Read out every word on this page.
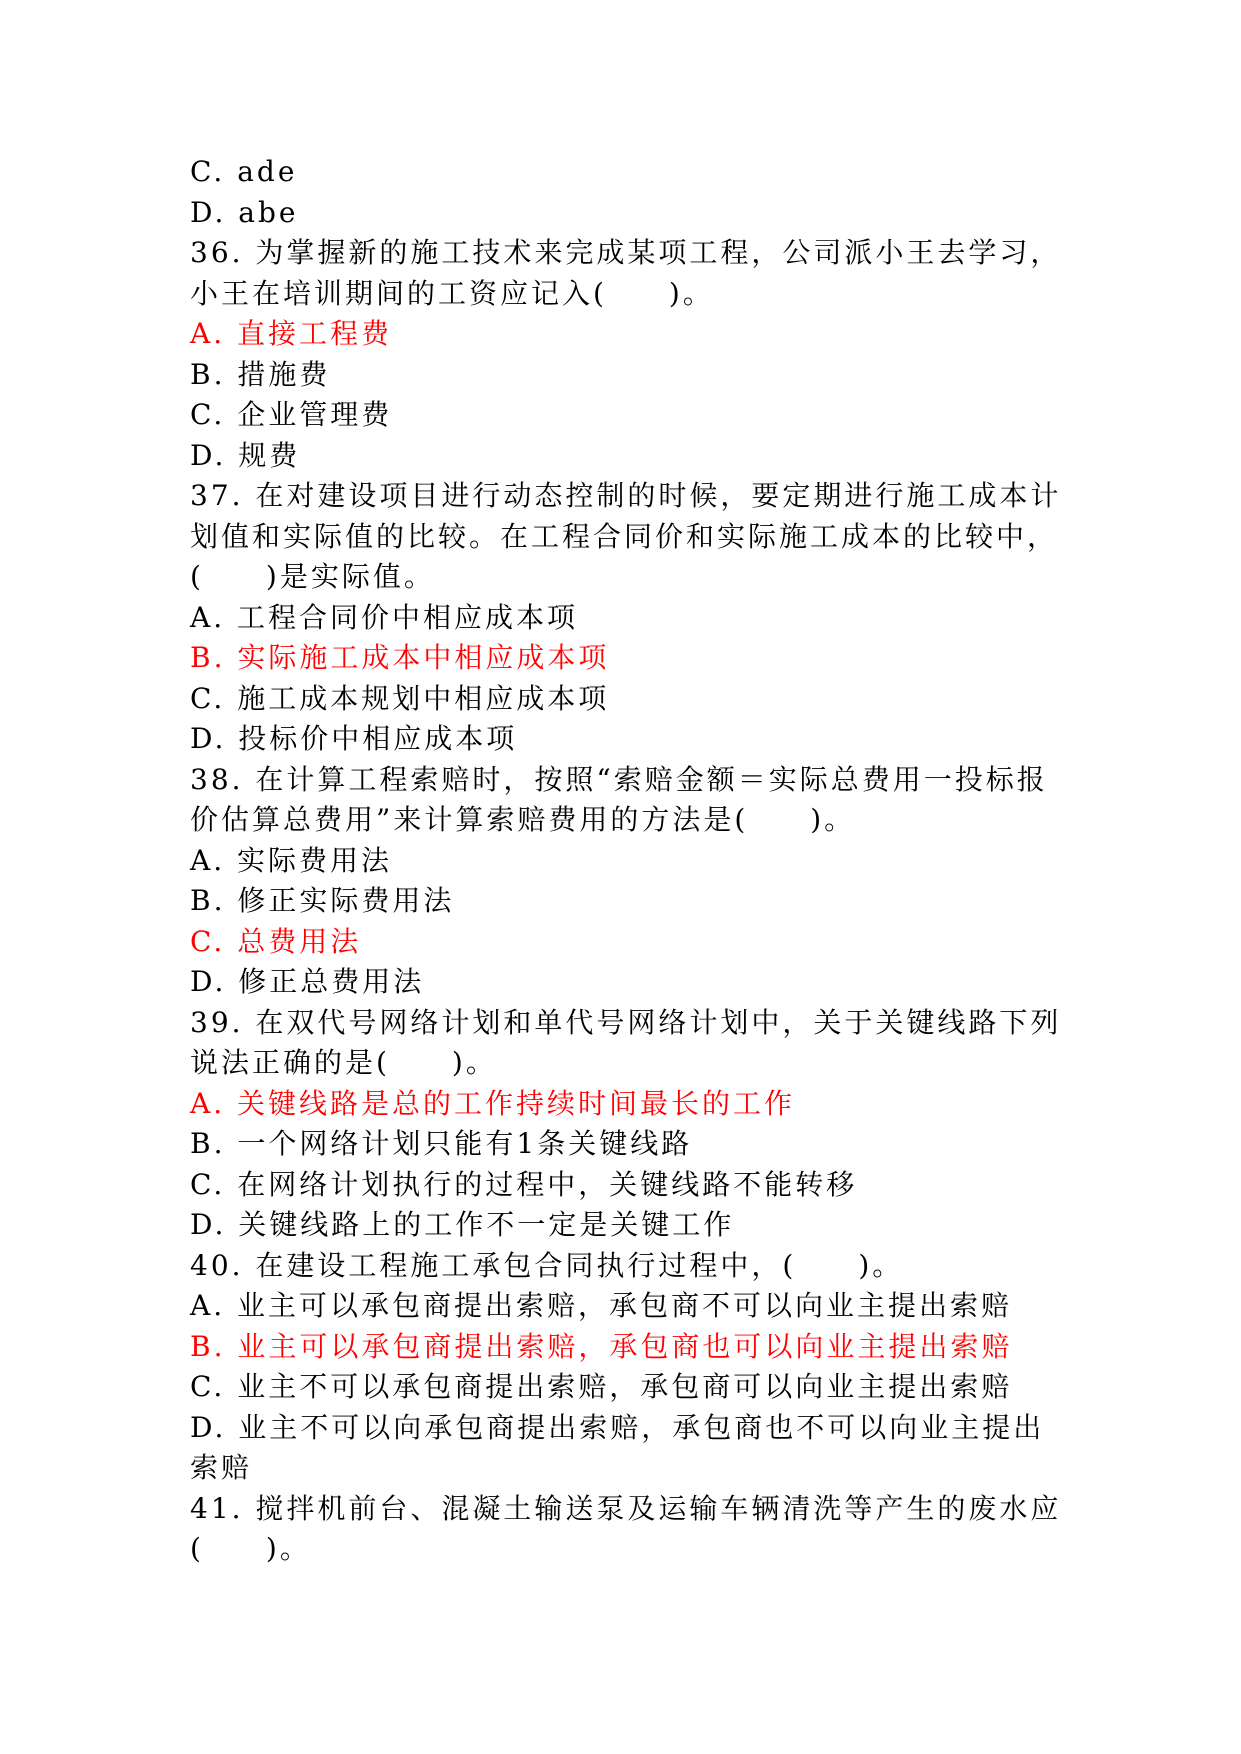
C. ade
D. abe
36. 为掌握新的施工技术来完成某项工程，公司派小王去学习，
小王在培训期间的工资应记入(　　)。
A. 直接工程费
B. 措施费
C. 企业管理费
D. 规费
37. 在对建设项目进行动态控制的时候，要定期进行施工成本计
划值和实际值的比较。在工程合同价和实际施工成本的比较中，
(　　)是实际值。
A. 工程合同价中相应成本项
B. 实际施工成本中相应成本项
C. 施工成本规划中相应成本项
D. 投标价中相应成本项
38. 在计算工程索赔时，按照“索赔金额＝实际总费用一投标报
价估算总费用”来计算索赔费用的方法是(　　)。
A. 实际费用法
B. 修正实际费用法
C. 总费用法
D. 修正总费用法
39. 在双代号网络计划和单代号网络计划中，关于关键线路下列
说法正确的是(　　)。
A. 关键线路是总的工作持续时间最长的工作
B. 一个网络计划只能有1条关键线路
C. 在网络计划执行的过程中，关键线路不能转移
D. 关键线路上的工作不一定是关键工作
40. 在建设工程施工承包合同执行过程中，(　　)。
A. 业主可以承包商提出索赔，承包商不可以向业主提出索赔
B. 业主可以承包商提出索赔，承包商也可以向业主提出索赔
C. 业主不可以承包商提出索赔，承包商可以向业主提出索赔
D. 业主不可以向承包商提出索赔，承包商也不可以向业主提出
索赔
41. 搅拌机前台、混凝土输送泵及运输车辆清洗等产生的废水应
(　　)。
